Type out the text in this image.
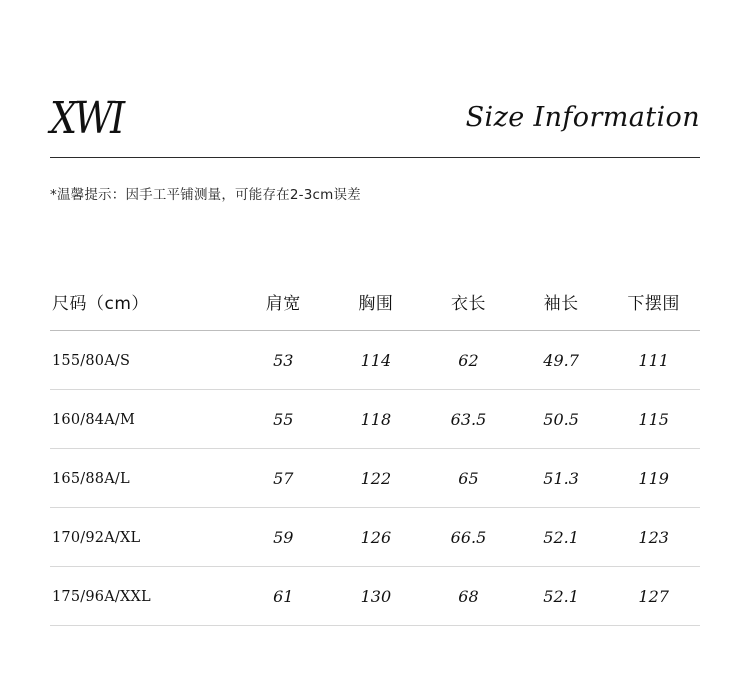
XWI	Size Information
*温馨提示：因手工平铺测量，可能存在2-3cm误差
尺码（cm）	肩宽	胸围	衣长	袖长	下摆围
155/80A/S	53	114	62	49.7	111
160/84A/M	55	118	63.5	50.5	115
165/88A/L	57	122	65	51.3	119
170/92A/XL	59	126	66.5	52.1	123
175/96A/XXL	61	130	68	52.1	127
